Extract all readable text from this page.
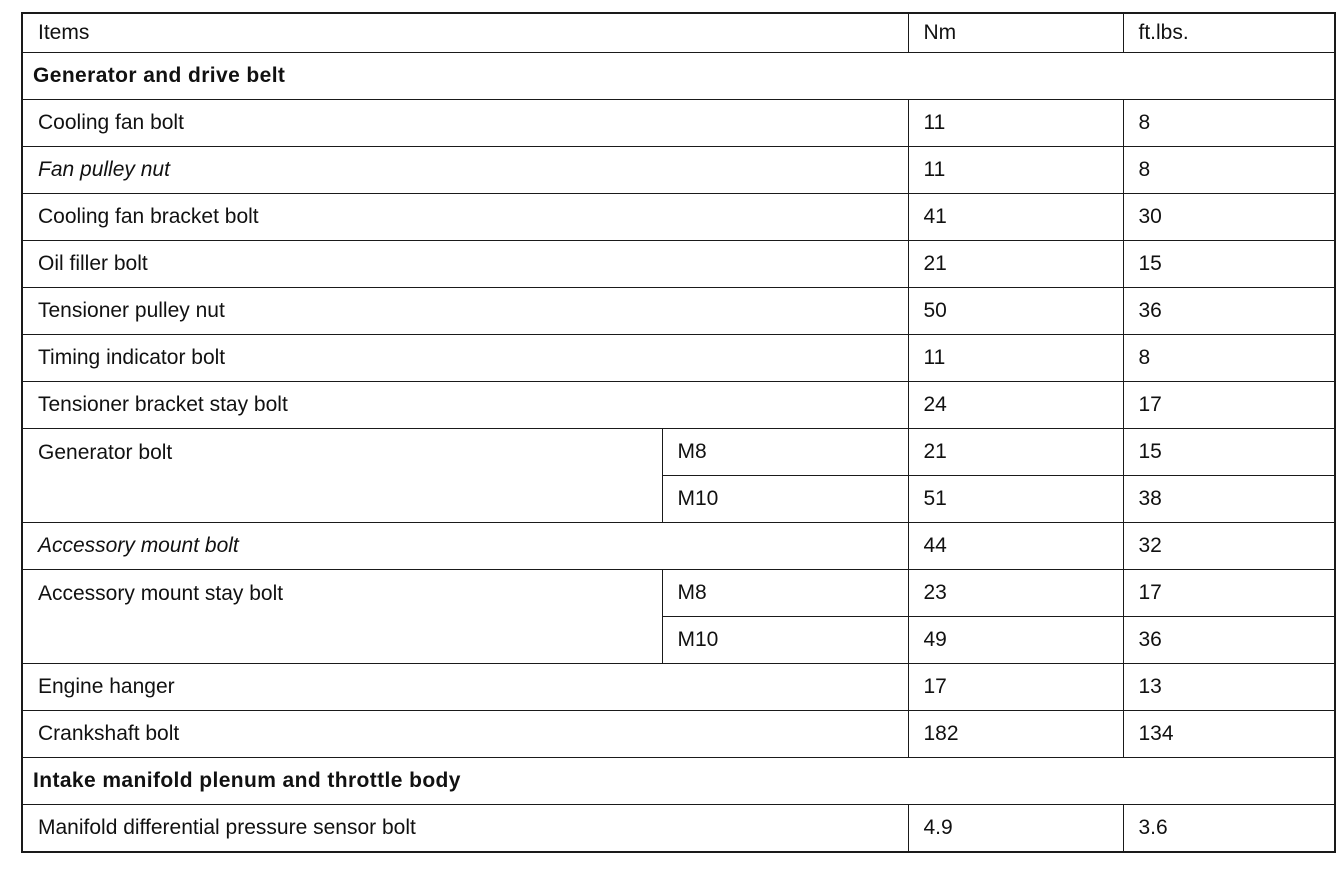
Items		Nm	ft.lbs.
Generator and drive belt			
Cooling fan bolt		11	8
Fan pulley nut		11	8
Cooling fan bracket bolt		41	30
Oil filler bolt		21	15
Tensioner pulley nut		50	36
Timing indicator bolt		11	8
Tensioner bracket stay bolt		24	17
Generator bolt	M8	21	15
	M10	51	38
Accessory mount bolt		44	32
Accessory mount stay bolt	M8	23	17
	M10	49	36
Engine hanger		17	13
Crankshaft bolt		182	134
Intake manifold plenum and throttle body			
Manifold differential pressure sensor bolt		4.9	3.6
